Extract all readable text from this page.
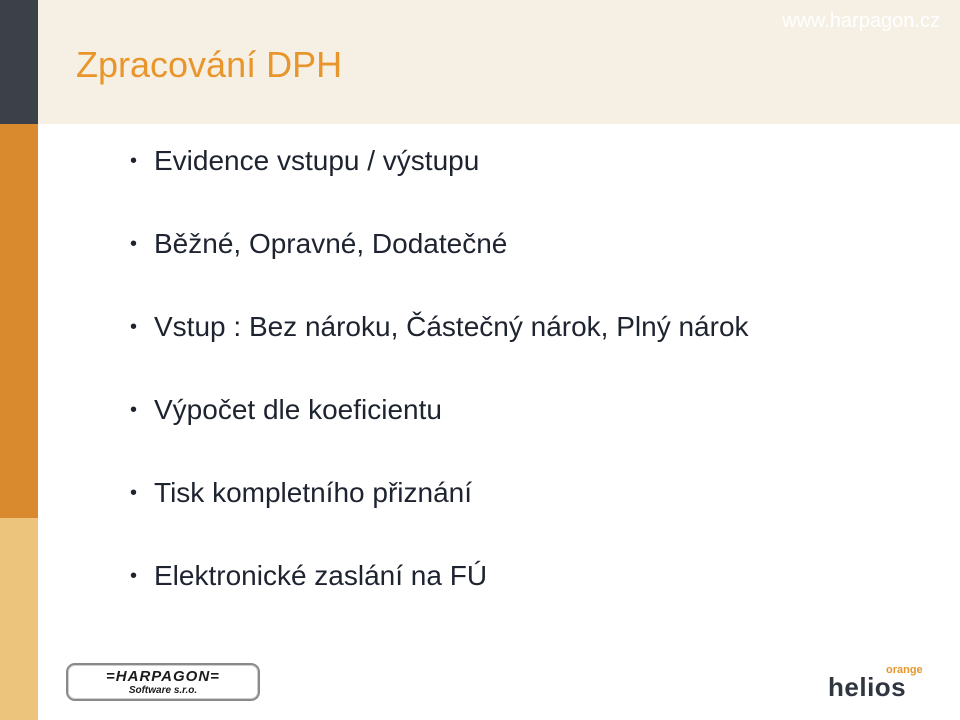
Zpracování DPH
www.harpagon.cz
• Evidence vstupu / výstupu
• Běžné, Opravné, Dodatečné
• Vstup : Bez nároku, Částečný nárok, Plný nárok
• Výpočet dle koeficientu
• Tisk kompletního přiznání
• Elektronické zaslání na FÚ
=HARPAGON=
Software s.r.o.
orange
helios
